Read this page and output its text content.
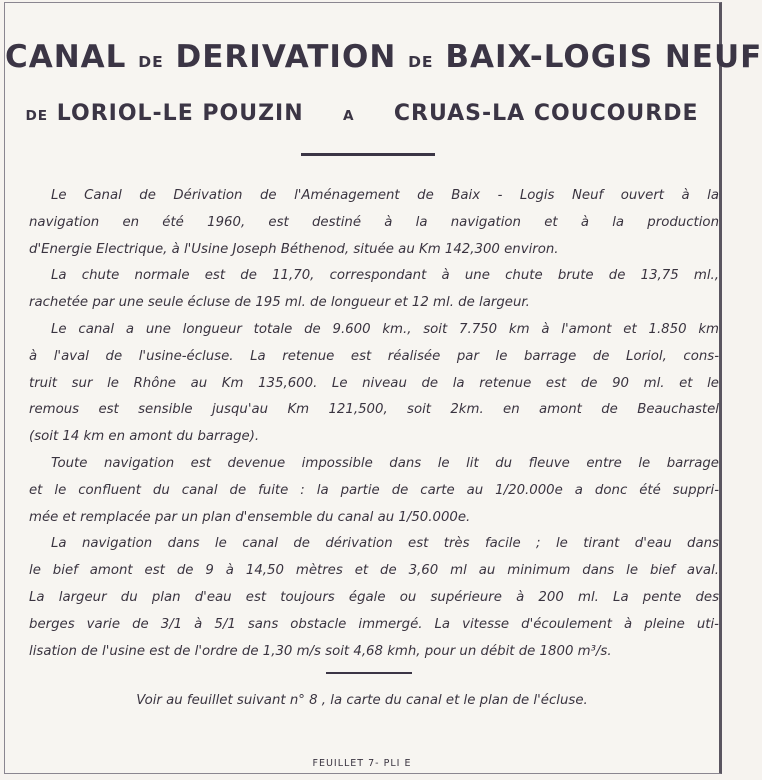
CANAL DE DERIVATION DE BAIX-LOGIS NEUF
DE LORIOL-LE POUZIN	A CRUAS-LA COUCOURDE
Le Canal de Dérivation de l'Aménagement de Baix - Logis Neuf ouvert à la
navigation en été 1960, est destiné à la navigation et à la production
d'Energie Electrique, à l'Usine Joseph Béthenod, située au Km 142,300 environ.
La chute normale est de 11,70, correspondant à une chute brute de 13,75 ml.,
rachetée par une seule écluse de 195 ml. de longueur et 12 ml. de largeur.
Le canal a une longueur totale de 9.600 km., soit 7.750 km à l'amont et 1.850 km
à l'aval de l'usine-écluse. La retenue est réalisée par le barrage de Loriol, cons-
truit sur le Rhône au Km 135,600. Le niveau de la retenue est de 90 ml. et le
remous est sensible jusqu'au Km 121,500, soit 2km. en amont de Beauchastel
(soit 14 km en amont du barrage).
Toute navigation est devenue impossible dans le lit du fleuve entre le barrage
et le confluent du canal de fuite : la partie de carte au 1/20.000e a donc été suppri-
mée et remplacée par un plan d'ensemble du canal au 1/50.000e.
La navigation dans le canal de dérivation est très facile ; le tirant d'eau dans
le bief amont est de 9 à 14,50 mètres et de 3,60 ml au minimum dans le bief aval.
La largeur du plan d'eau est toujours égale ou supérieure à 200 ml. La pente des
berges varie de 3/1 à 5/1 sans obstacle immergé. La vitesse d'écoulement à pleine uti-
lisation de l'usine est de l'ordre de 1,30 m/s soit 4,68 kmh, pour un débit de 1800 m³/s.
Voir au feuillet suivant n° 8 , la carte du canal et le plan de l'écluse.
FEUILLET 7- PLI E
